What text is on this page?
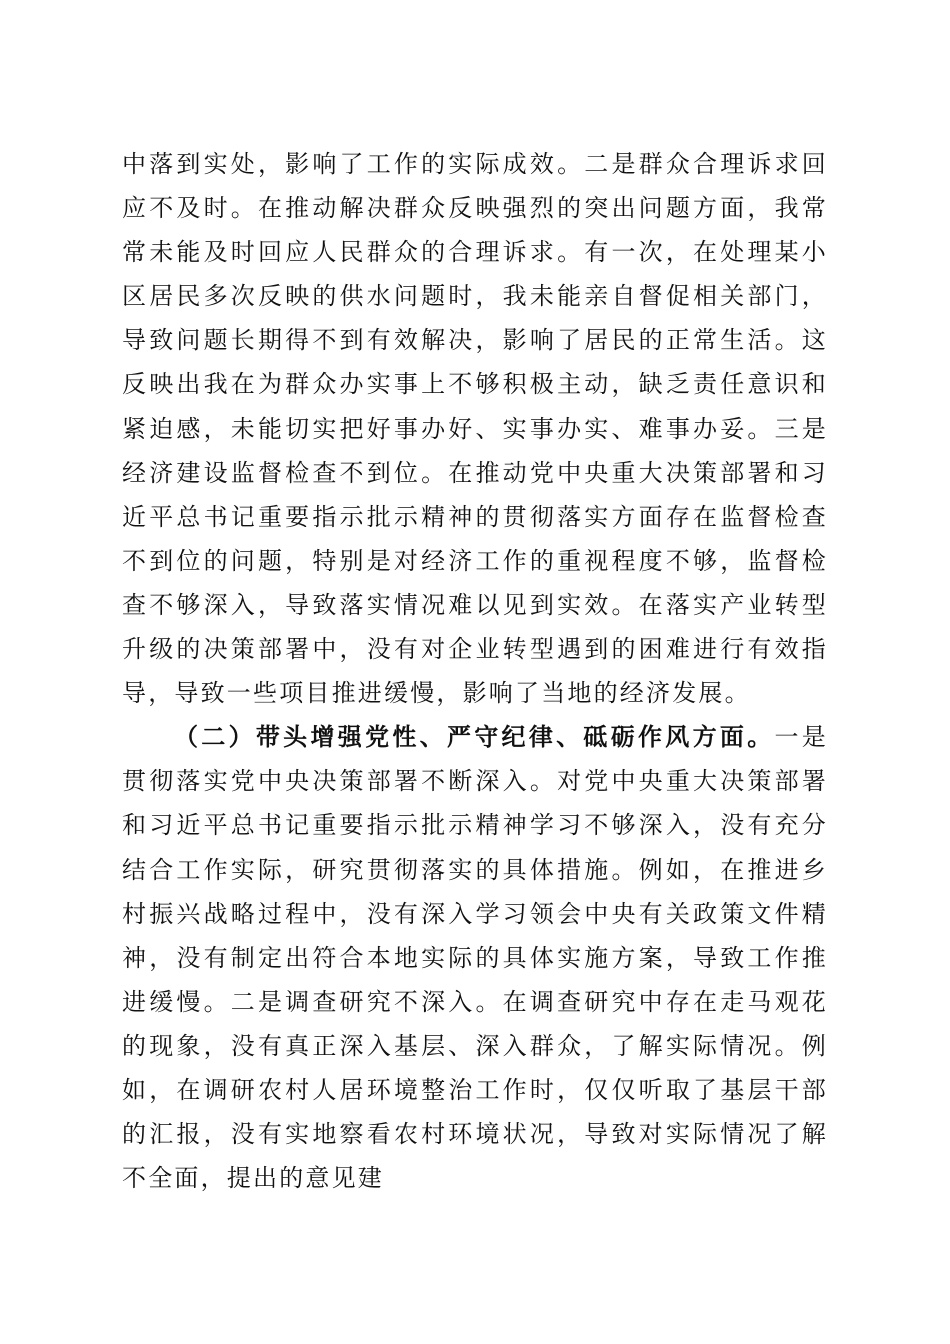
中落到实处，影响了工作的实际成效。二是群众合理诉求回应不及时。在推动解决群众反映强烈的突出问题方面，我常常未能及时回应人民群众的合理诉求。有一次，在处理某小区居民多次反映的供水问题时，我未能亲自督促相关部门，导致问题长期得不到有效解决，影响了居民的正常生活。这反映出我在为群众办实事上不够积极主动，缺乏责任意识和紧迫感，未能切实把好事办好、实事办实、难事办妥。三是经济建设监督检查不到位。在推动党中央重大决策部署和习近平总书记重要指示批示精神的贯彻落实方面存在监督检查不到位的问题，特别是对经济工作的重视程度不够，监督检查不够深入，导致落实情况难以见到实效。在落实产业转型升级的决策部署中，没有对企业转型遇到的困难进行有效指导，导致一些项目推进缓慢，影响了当地的经济发展。

（二）带头增强党性、严守纪律、砥砺作风方面。一是贯彻落实党中央决策部署不断深入。对党中央重大决策部署和习近平总书记重要指示批示精神学习不够深入，没有充分结合工作实际，研究贯彻落实的具体措施。例如，在推进乡村振兴战略过程中，没有深入学习领会中央有关政策文件精神，没有制定出符合本地实际的具体实施方案，导致工作推进缓慢。二是调查研究不深入。在调查研究中存在走马观花的现象，没有真正深入基层、深入群众，了解实际情况。例如，在调研农村人居环境整治工作时，仅仅听取了基层干部的汇报，没有实地察看农村环境状况，导致对实际情况了解不全面，提出的意见建
